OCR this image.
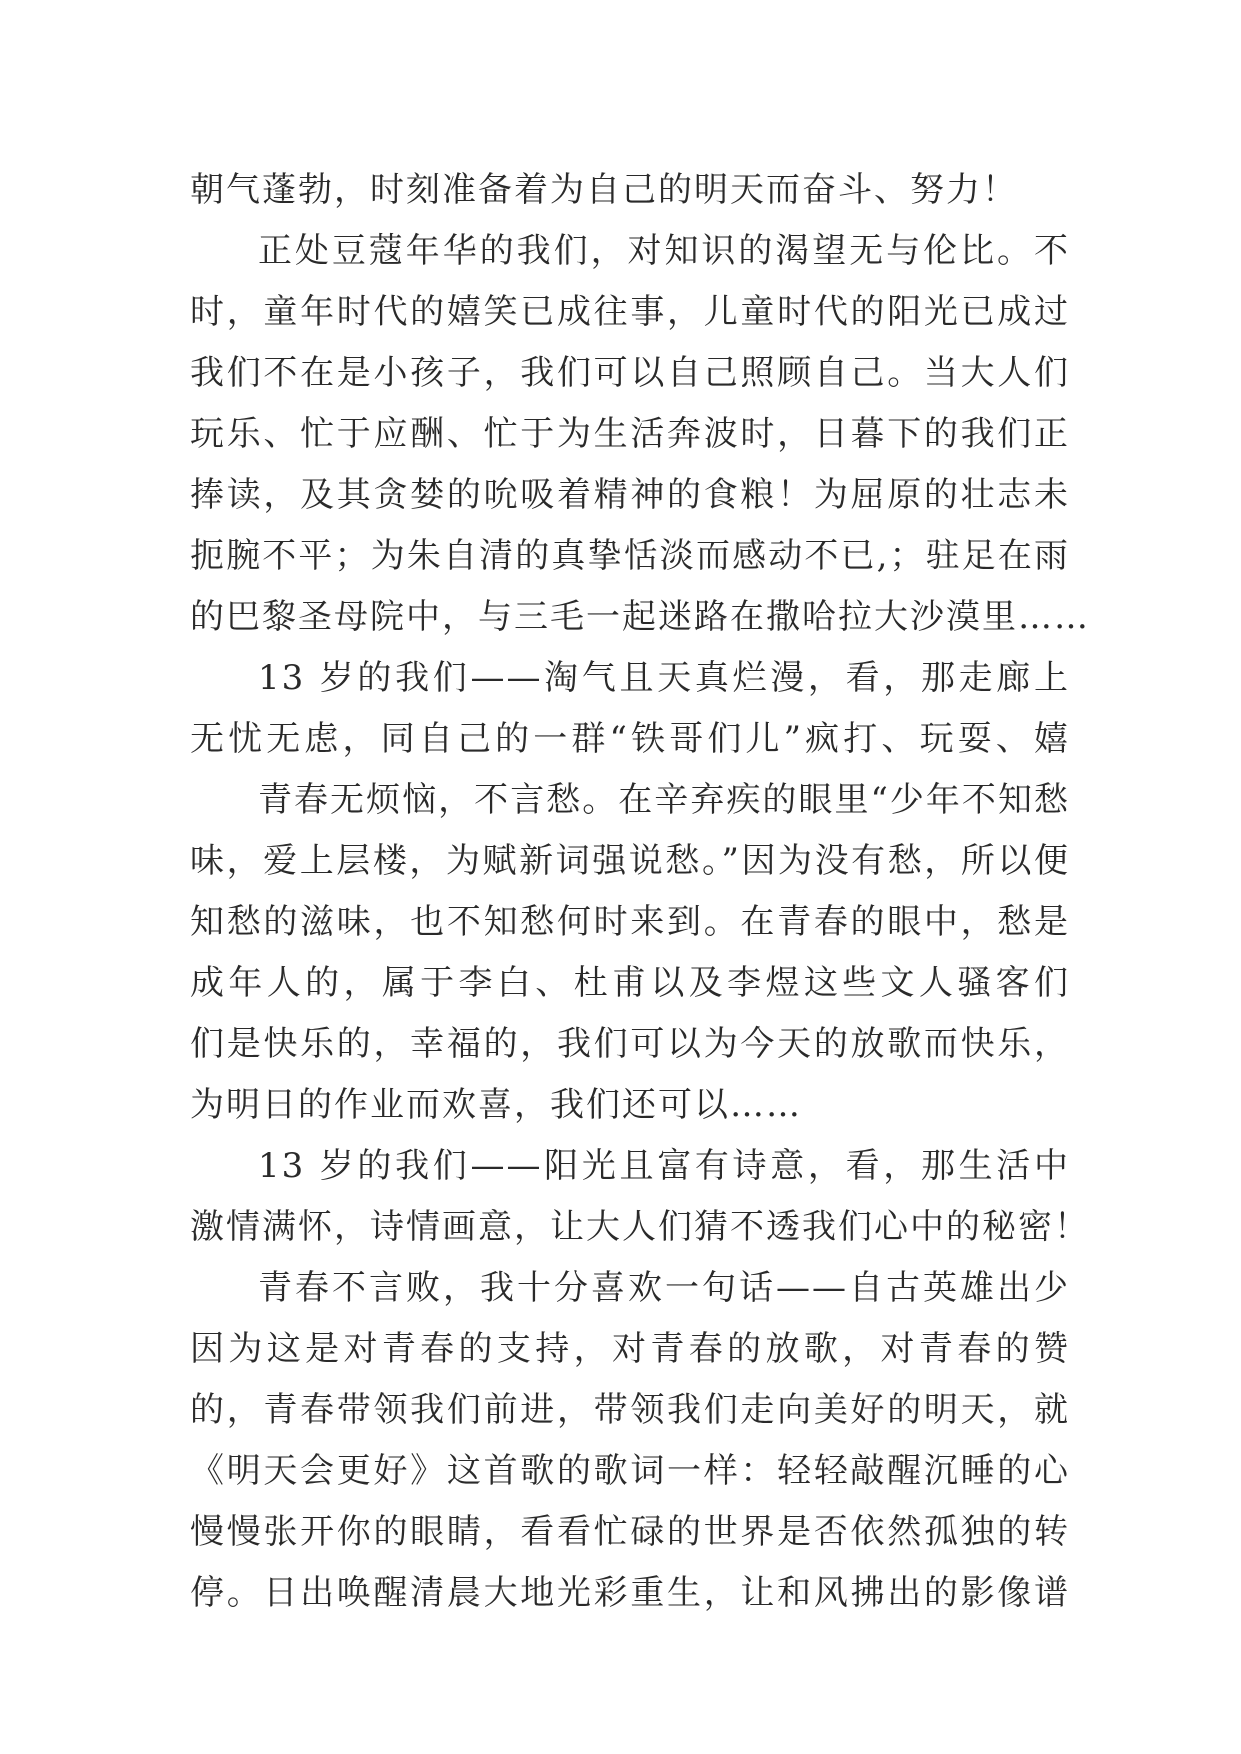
朝气蓬勃，时刻准备着为自己的明天而奋斗、努力！
正处豆蔻年华的我们，对知识的渴望无与伦比。不
时，童年时代的嬉笑已成往事，儿童时代的阳光已成过
我们不在是小孩子，我们可以自己照顾自己。当大人们
玩乐、忙于应酬、忙于为生活奔波时，日暮下的我们正
捧读，及其贪婪的吮吸着精神的食粮！为屈原的壮志未
扼腕不平；为朱自清的真挚恬淡而感动不已,；驻足在雨
的巴黎圣母院中，与三毛一起迷路在撒哈拉大沙漠里……
13 岁的我们——淘气且天真烂漫，看，那走廊上
无忧无虑，同自己的一群“铁哥们儿”疯打、玩耍、嬉
青春无烦恼，不言愁。在辛弃疾的眼里“少年不知愁
味，爱上层楼，为赋新词强说愁。”因为没有愁，所以便
知愁的滋味，也不知愁何时来到。在青春的眼中，愁是
成年人的，属于李白、杜甫以及李煜这些文人骚客们
们是快乐的，幸福的，我们可以为今天的放歌而快乐，
为明日的作业而欢喜，我们还可以……
13 岁的我们——阳光且富有诗意，看，那生活中
激情满怀，诗情画意，让大人们猜不透我们心中的秘密！
青春不言败，我十分喜欢一句话——自古英雄出少
因为这是对青春的支持，对青春的放歌，对青春的赞
的，青春带领我们前进，带领我们走向美好的明天，就
《明天会更好》这首歌的歌词一样：轻轻敲醒沉睡的心
慢慢张开你的眼睛，看看忙碌的世界是否依然孤独的转
停。日出唤醒清晨大地光彩重生，让和风拂出的影像谱
